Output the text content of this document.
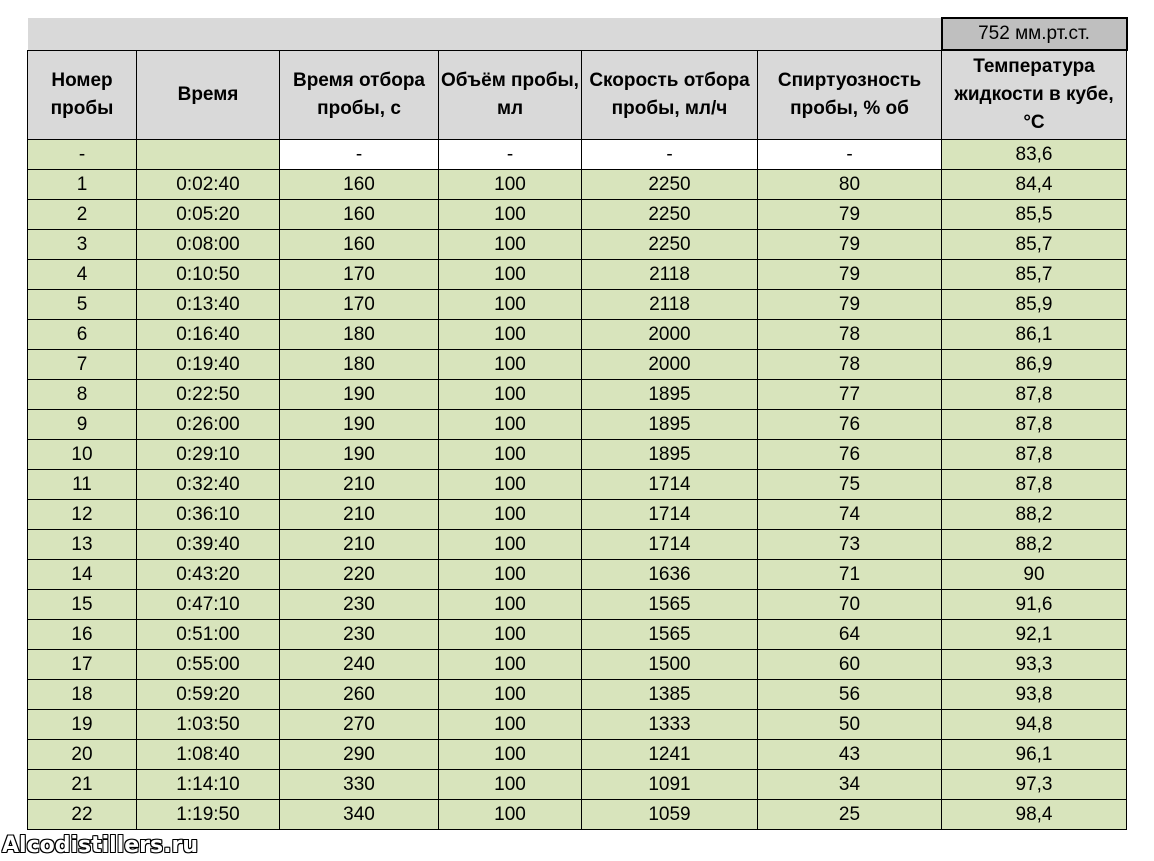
						752 мм.рт.ст.
Номер пробы	Время	Время отбора пробы, с	Объём пробы, мл	Скорость отбора пробы, мл/ч	Спиртуозность пробы, % об	Температура жидкости в кубе, °С
-		-	-	-	-	83,6
1	0:02:40	160	100	2250	80	84,4
2	0:05:20	160	100	2250	79	85,5
3	0:08:00	160	100	2250	79	85,7
4	0:10:50	170	100	2118	79	85,7
5	0:13:40	170	100	2118	79	85,9
6	0:16:40	180	100	2000	78	86,1
7	0:19:40	180	100	2000	78	86,9
8	0:22:50	190	100	1895	77	87,8
9	0:26:00	190	100	1895	76	87,8
10	0:29:10	190	100	1895	76	87,8
11	0:32:40	210	100	1714	75	87,8
12	0:36:10	210	100	1714	74	88,2
13	0:39:40	210	100	1714	73	88,2
14	0:43:20	220	100	1636	71	90
15	0:47:10	230	100	1565	70	91,6
16	0:51:00	230	100	1565	64	92,1
17	0:55:00	240	100	1500	60	93,3
18	0:59:20	260	100	1385	56	93,8
19	1:03:50	270	100	1333	50	94,8
20	1:08:40	290	100	1241	43	96,1
21	1:14:10	330	100	1091	34	97,3
22	1:19:50	340	100	1059	25	98,4
Alcodistillers.ru
